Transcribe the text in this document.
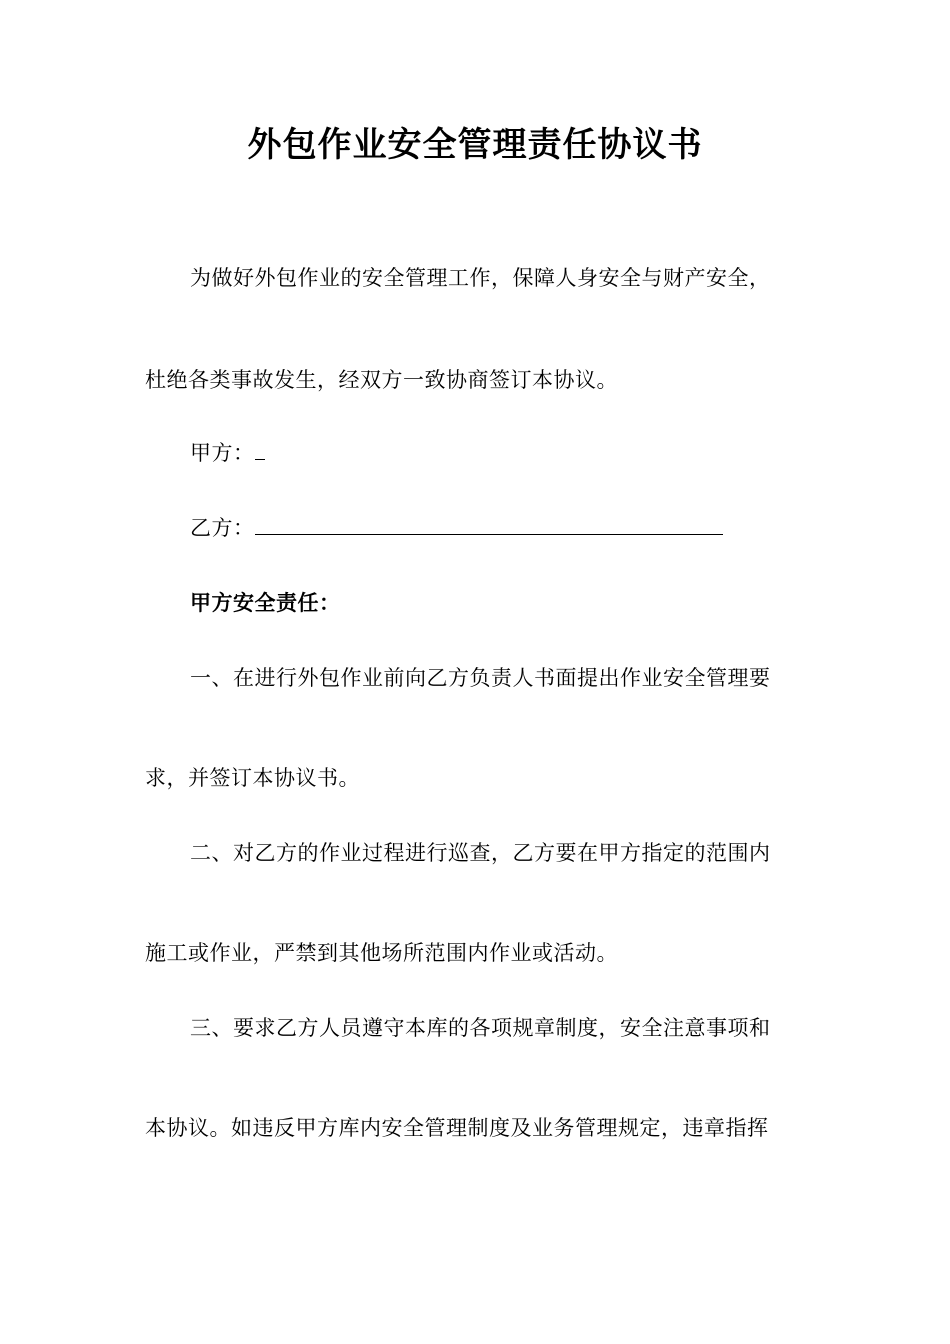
外包作业安全管理责任协议书
为做好外包作业的安全管理工作，保障人身安全与财产安全，
杜绝各类事故发生，经双方一致协商签订本协议。
甲方：
乙方：
甲方安全责任：
一、在进行外包作业前向乙方负责人书面提出作业安全管理要
求，并签订本协议书。
二、对乙方的作业过程进行巡查，乙方要在甲方指定的范围内
施工或作业，严禁到其他场所范围内作业或活动。
三、要求乙方人员遵守本库的各项规章制度，安全注意事项和
本协议。如违反甲方库内安全管理制度及业务管理规定，违章指挥
